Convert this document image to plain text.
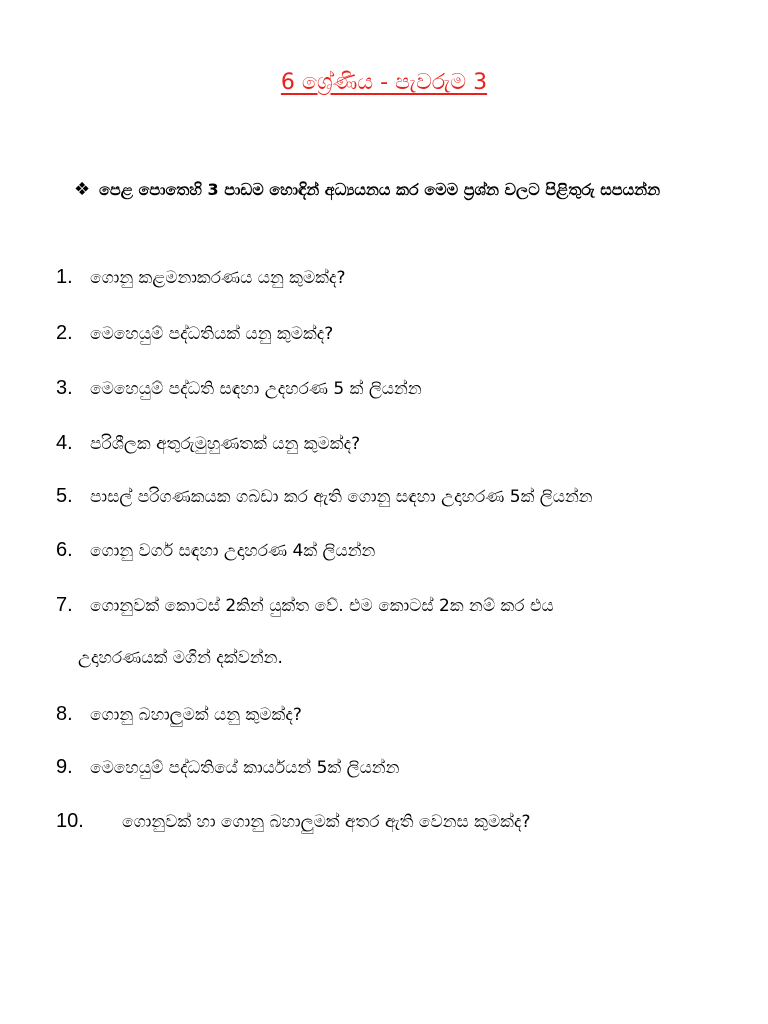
6 ශ්‍රේණිය - පැවරුම 3
❖ පෙළ පොතෙහි 3 පාඩම හොඳින් අධ්‍යයනය කර මෙම ප්‍රශ්න වලට පිළිතුරු සපයන්න
1. ගොනු කළමනාකරණය යනු කුමක්ද?
2. මෙහෙයුම් පද්ධතියක් යනු කුමක්ද?
3. මෙහෙයුම් පද්ධති සඳහා උදහරණ 5 ක් ලියන්න
4. පරිශීලක අතුරුමුහුණතක් යනු කුමක්ද?
5. පාසල් පරිගණකයක ගබඩා කර ඇති ගොනු සඳහා උදාහරණ 5ක් ලියන්න
6. ගොනු වගර් සඳහා උදාහරණ 4ක් ලියන්න
7. ගොනුවක් කොටස් 2කින් යුක්ත වේ. එම කොටස් 2ක නම් කර එය
උදාහරණයක් මගින් දක්වන්න.
8. ගොනු බහාලුමක් යනු කුමක්ද?
9. මෙහෙයුම් පද්ධතියේ කාර්යයන් 5ක් ලියන්න
10. ගොනුවක් හා ගොනු බහාලුමක් අතර ඇති වෙනස කුමක්ද?
